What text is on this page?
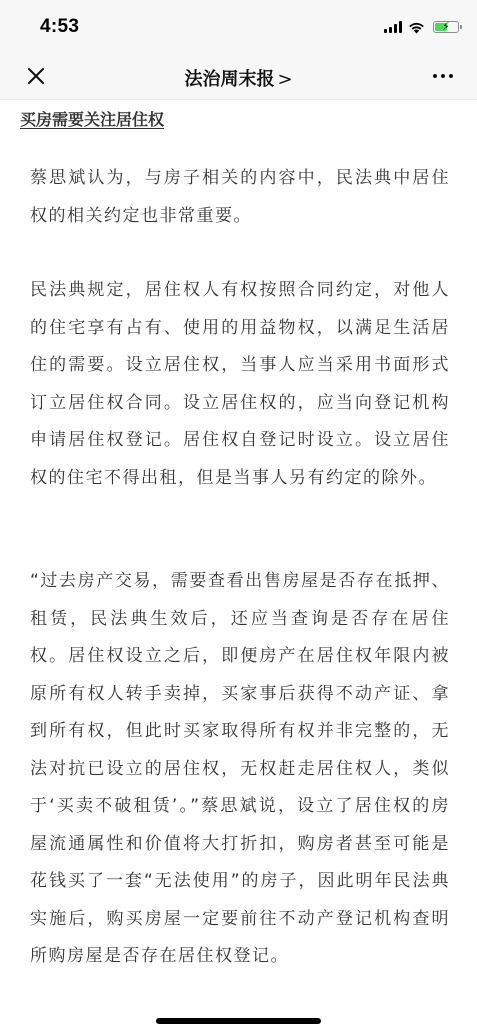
4:53	⚡
法治周末报 >
买房需要关注居住权

蔡思斌认为，与房子相关的内容中，民法典中居住权的相关约定也非常重要。

民法典规定，居住权人有权按照合同约定，对他人的住宅享有占有、使用的用益物权，以满足生活居住的需要。设立居住权，当事人应当采用书面形式订立居住权合同。设立居住权的，应当向登记机构申请居住权登记。居住权自登记时设立。设立居住权的住宅不得出租，但是当事人另有约定的除外。

“过去房产交易，需要查看出售房屋是否存在抵押、租赁，民法典生效后，还应当查询是否存在居住权。居住权设立之后，即便房产在居住权年限内被原所有权人转手卖掉，买家事后获得不动产证、拿到所有权，但此时买家取得所有权并非完整的，无法对抗已设立的居住权，无权赶走居住权人，类似于‘买卖不破租赁’。”蔡思斌说，设立了居住权的房屋流通属性和价值将大打折扣，购房者甚至可能是花钱买了一套“无法使用”的房子，因此明年民法典实施后，购买房屋一定要前往不动产登记机构查明所购房屋是否存在居住权登记。
